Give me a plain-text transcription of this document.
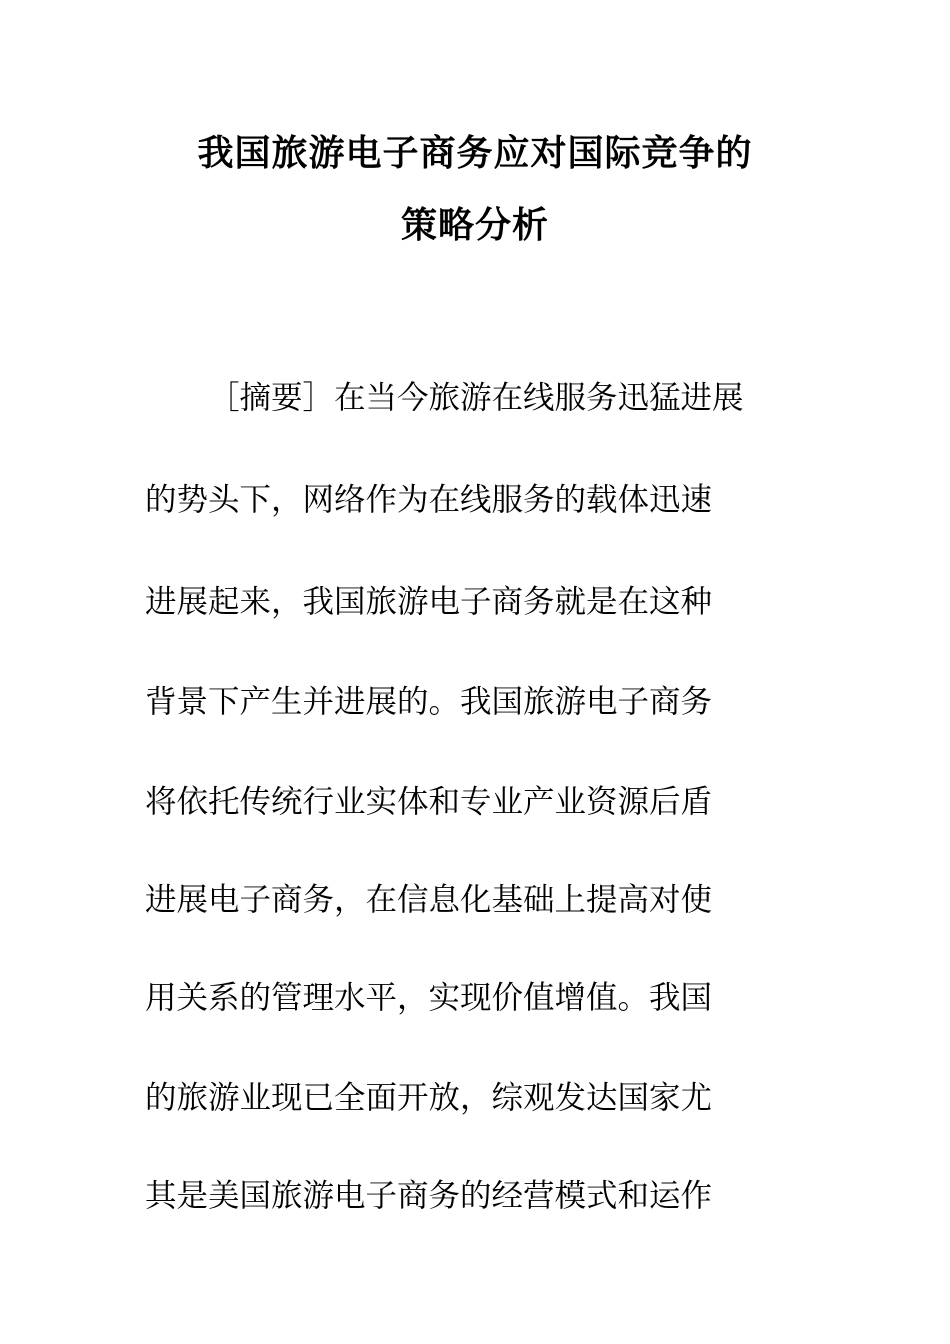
我国旅游电子商务应对国际竞争的
策略分析
［摘要］在当今旅游在线服务迅猛进展
的势头下，网络作为在线服务的载体迅速
进展起来，我国旅游电子商务就是在这种
背景下产生并进展的。我国旅游电子商务
将依托传统行业实体和专业产业资源后盾
进展电子商务，在信息化基础上提高对使
用关系的管理水平，实现价值增值。我国
的旅游业现已全面开放，综观发达国家尤
其是美国旅游电子商务的经营模式和运作
